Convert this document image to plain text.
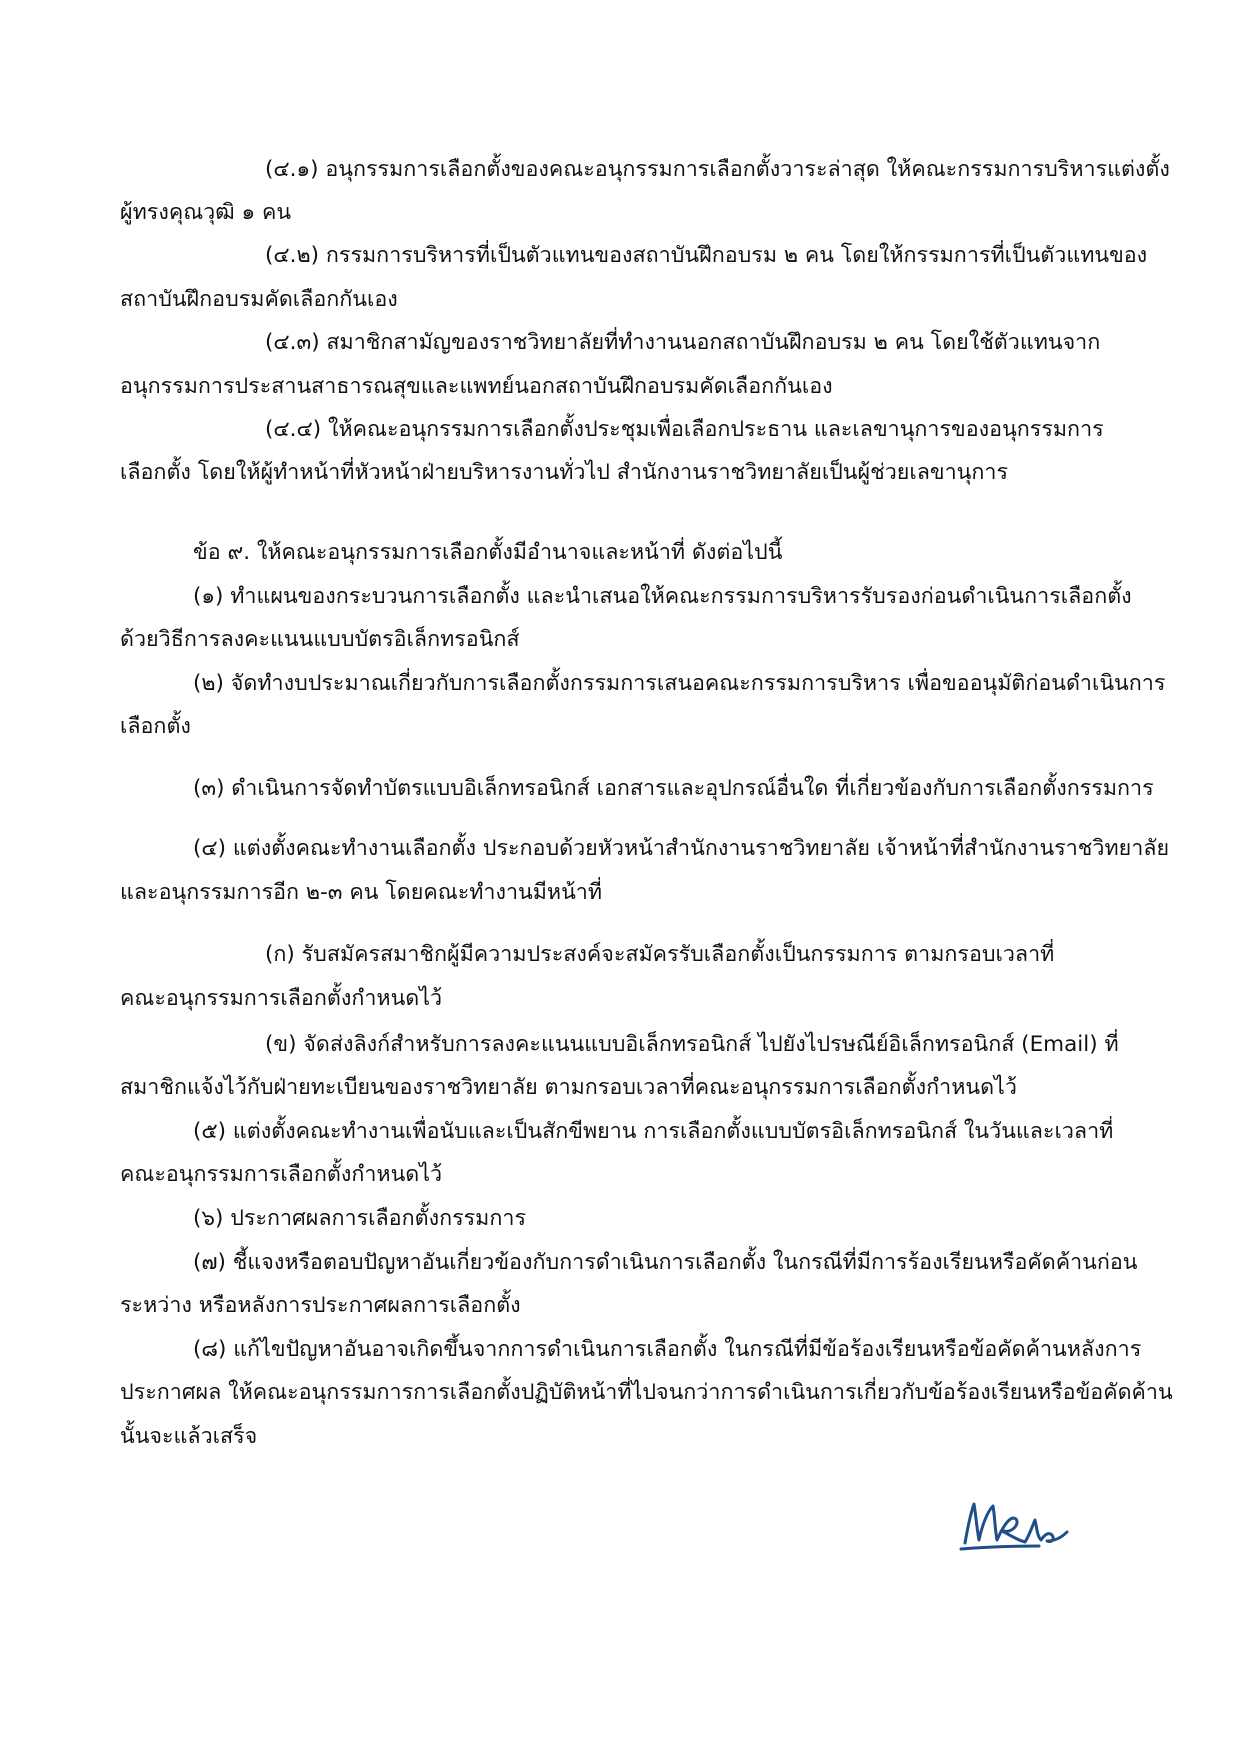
(๔.๑) อนุกรรมการเลือกตั้งของคณะอนุกรรมการเลือกตั้งวาระล่าสุด ให้คณะกรรมการบริหารแต่งตั้ง
ผู้ทรงคุณวุฒิ ๑ คน
(๔.๒) กรรมการบริหารที่เป็นตัวแทนของสถาบันฝึกอบรม ๒ คน โดยให้กรรมการที่เป็นตัวแทนของ
สถาบันฝึกอบรมคัดเลือกกันเอง
(๔.๓) สมาชิกสามัญของราชวิทยาลัยที่ทำงานนอกสถาบันฝึกอบรม ๒ คน โดยใช้ตัวแทนจาก
อนุกรรมการประสานสาธารณสุขและแพทย์นอกสถาบันฝึกอบรมคัดเลือกกันเอง
(๔.๔) ให้คณะอนุกรรมการเลือกตั้งประชุมเพื่อเลือกประธาน และเลขานุการของอนุกรรมการ
เลือกตั้ง โดยให้ผู้ทำหน้าที่หัวหน้าฝ่ายบริหารงานทั่วไป สำนักงานราชวิทยาลัยเป็นผู้ช่วยเลขานุการ
ข้อ ๙. ให้คณะอนุกรรมการเลือกตั้งมีอำนาจและหน้าที่ ดังต่อไปนี้
(๑) ทำแผนของกระบวนการเลือกตั้ง และนำเสนอให้คณะกรรมการบริหารรับรองก่อนดำเนินการเลือกตั้ง
ด้วยวิธีการลงคะแนนแบบบัตรอิเล็กทรอนิกส์
(๒) จัดทำงบประมาณเกี่ยวกับการเลือกตั้งกรรมการเสนอคณะกรรมการบริหาร เพื่อขออนุมัติก่อนดำเนินการ
เลือกตั้ง
(๓) ดำเนินการจัดทำบัตรแบบอิเล็กทรอนิกส์ เอกสารและอุปกรณ์อื่นใด ที่เกี่ยวข้องกับการเลือกตั้งกรรมการ
(๔) แต่งตั้งคณะทำงานเลือกตั้ง ประกอบด้วยหัวหน้าสำนักงานราชวิทยาลัย เจ้าหน้าที่สำนักงานราชวิทยาลัย
และอนุกรรมการอีก ๒-๓ คน โดยคณะทำงานมีหน้าที่
(ก) รับสมัครสมาชิกผู้มีความประสงค์จะสมัครรับเลือกตั้งเป็นกรรมการ ตามกรอบเวลาที่
คณะอนุกรรมการเลือกตั้งกำหนดไว้
(ข) จัดส่งลิงก์สำหรับการลงคะแนนแบบอิเล็กทรอนิกส์ ไปยังไปรษณีย์อิเล็กทรอนิกส์ (Email) ที่
สมาชิกแจ้งไว้กับฝ่ายทะเบียนของราชวิทยาลัย ตามกรอบเวลาที่คณะอนุกรรมการเลือกตั้งกำหนดไว้
(๕) แต่งตั้งคณะทำงานเพื่อนับและเป็นสักขีพยาน การเลือกตั้งแบบบัตรอิเล็กทรอนิกส์ ในวันและเวลาที่
คณะอนุกรรมการเลือกตั้งกำหนดไว้
(๖) ประกาศผลการเลือกตั้งกรรมการ
(๗) ชี้แจงหรือตอบปัญหาอันเกี่ยวข้องกับการดำเนินการเลือกตั้ง ในกรณีที่มีการร้องเรียนหรือคัดค้านก่อน
ระหว่าง หรือหลังการประกาศผลการเลือกตั้ง
(๘) แก้ไขปัญหาอันอาจเกิดขึ้นจากการดำเนินการเลือกตั้ง ในกรณีที่มีข้อร้องเรียนหรือข้อคัดค้านหลังการ
ประกาศผล ให้คณะอนุกรรมการการเลือกตั้งปฏิบัติหน้าที่ไปจนกว่าการดำเนินการเกี่ยวกับข้อร้องเรียนหรือข้อคัดค้าน
นั้นจะแล้วเสร็จ
